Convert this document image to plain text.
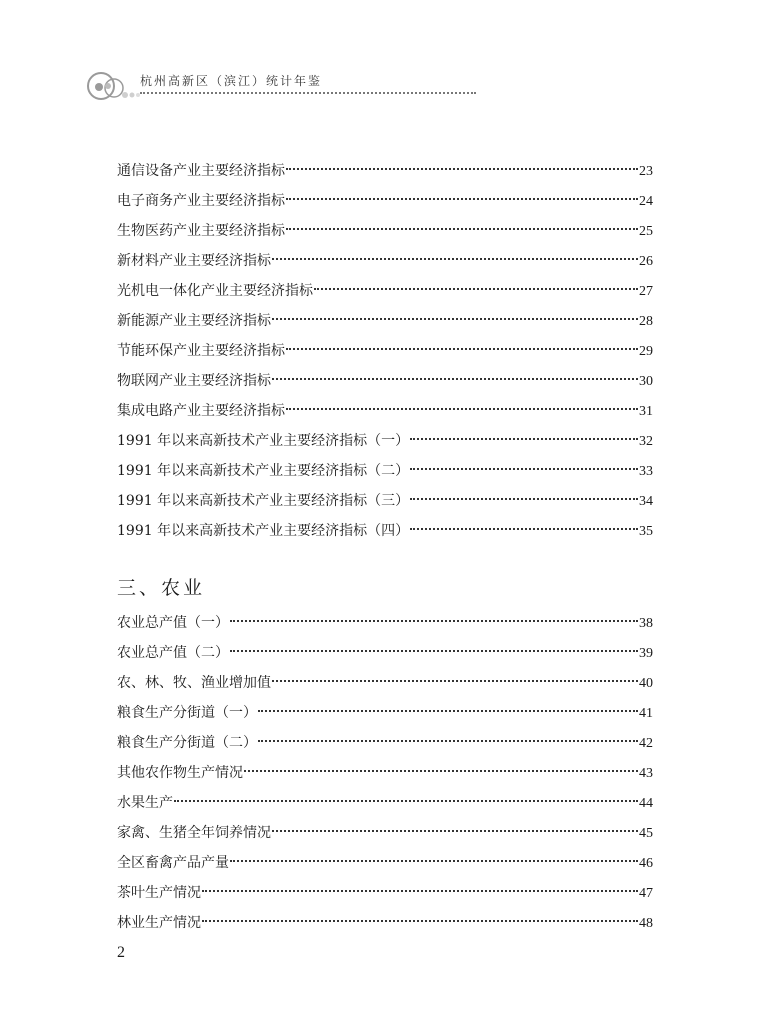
杭州高新区（滨江）统计年鉴
通信设备产业主要经济指标	23
电子商务产业主要经济指标	24
生物医药产业主要经济指标	25
新材料产业主要经济指标	26
光机电一体化产业主要经济指标	27
新能源产业主要经济指标	28
节能环保产业主要经济指标	29
物联网产业主要经济指标	30
集成电路产业主要经济指标	31
1991 年以来高新技术产业主要经济指标（一）	32
1991 年以来高新技术产业主要经济指标（二）	33
1991 年以来高新技术产业主要经济指标（三）	34
1991 年以来高新技术产业主要经济指标（四）	35
三、农业
农业总产值（一）	38
农业总产值（二）	39
农、林、牧、渔业增加值	40
粮食生产分街道（一）	41
粮食生产分街道（二）	42
其他农作物生产情况	43
水果生产	44
家禽、生猪全年饲养情况	45
全区畜禽产品产量	46
茶叶生产情况	47
林业生产情况	48
2
